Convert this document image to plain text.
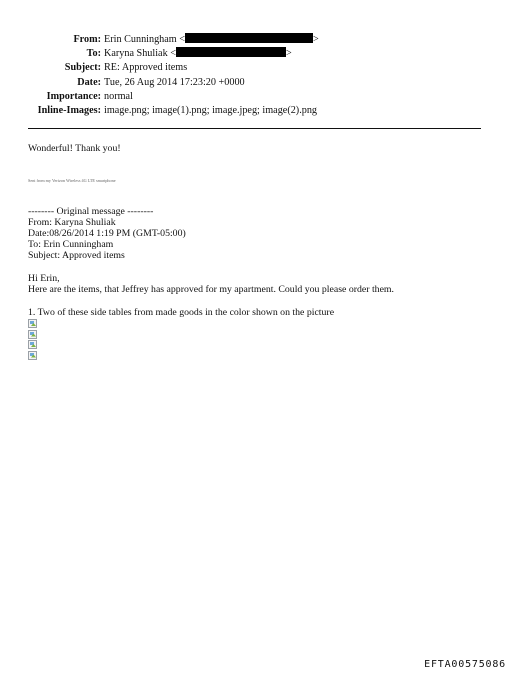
From: Erin Cunningham <	>
To: Karyna Shuliak <	>
Subject: RE: Approved items
Date: Tue, 26 Aug 2014 17:23:20 +0000
Importance: normal
Inline-Images: image.png; image(1).png; image.jpeg; image(2).png
Wonderful! Thank you!
Sent from my Verizon Wireless 4G LTE smartphone
-------- Original message --------
From: Karyna Shuliak
Date:08/26/2014 1:19 PM (GMT-05:00)
To: Erin Cunningham
Subject: Approved items
Hi Erin,
Here are the items, that Jeffrey has approved for my apartment. Could you please order them.
1. Two of these side tables from made goods in the color shown on the picture
EFTA00575086
